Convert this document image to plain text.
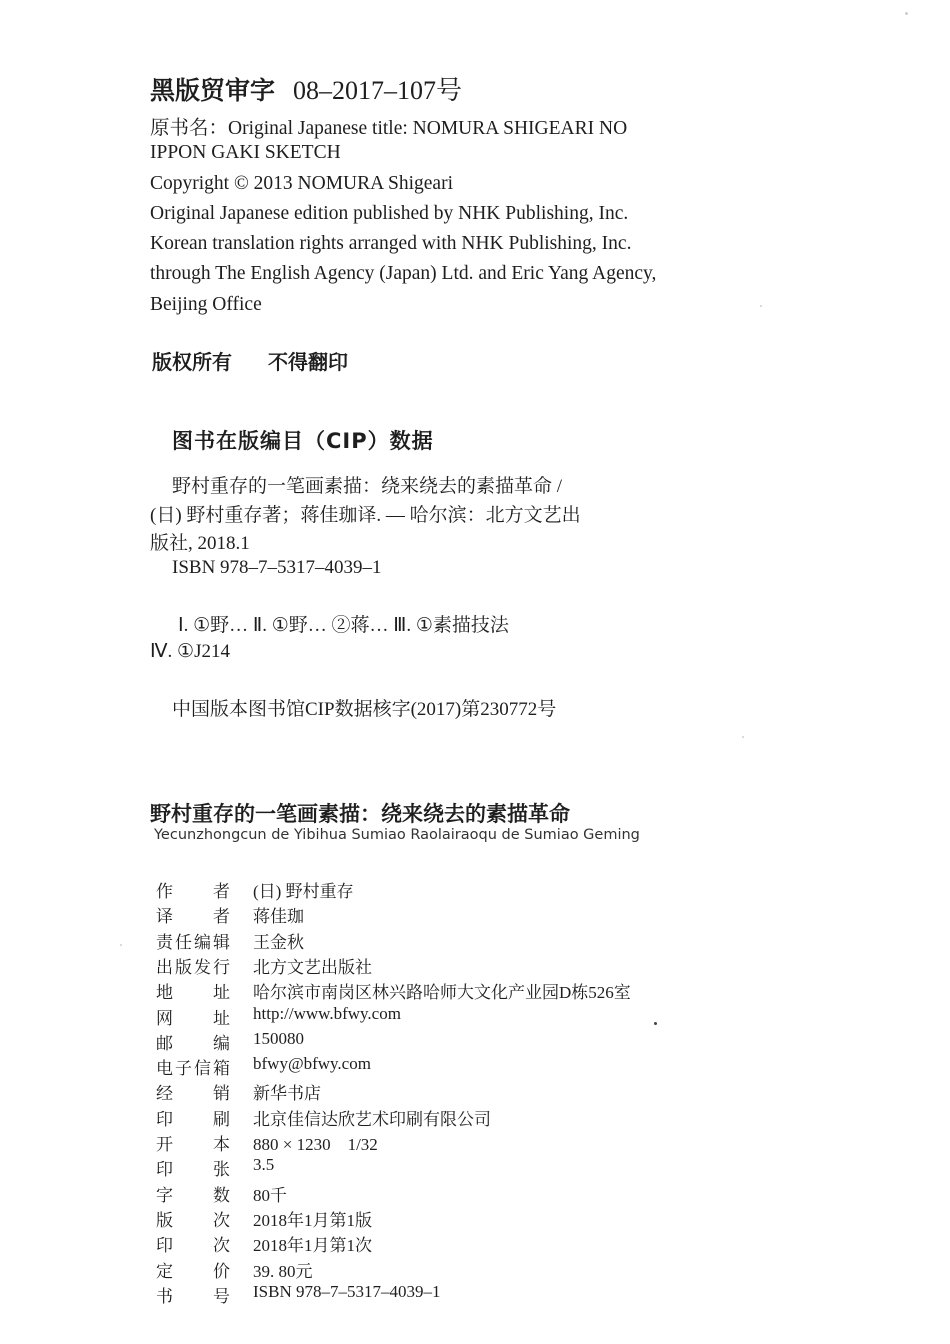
黑版贸审字 08–2017–107号
原书名：Original Japanese title: NOMURA SHIGEARI NO
IPPON GAKI SKETCH
Copyright © 2013 NOMURA Shigeari
Original Japanese edition published by NHK Publishing, Inc.
Korean translation rights arranged with NHK Publishing, Inc.
through The English Agency (Japan) Ltd. and Eric Yang Agency,
Beijing Office
版权所有 不得翻印
图书在版编目（CIP）数据
野村重存的一笔画素描：绕来绕去的素描革命 /
(日) 野村重存著；蒋佳珈译. — 哈尔滨：北方文艺出
版社, 2018.1
ISBN 978–7–5317–4039–1
Ⅰ. ①野… Ⅱ. ①野… ②蒋… Ⅲ. ①素描技法
Ⅳ. ①J214
中国版本图书馆CIP数据核字(2017)第230772号
野村重存的一笔画素描：绕来绕去的素描革命
Yecunzhongcun de Yibihua Sumiao Raolairaoqu de Sumiao Geming
作 者 (日) 野村重存
译 者 蒋佳珈
责 任 编 辑 王金秋
出 版 发 行 北方文艺出版社
地 址 哈尔滨市南岗区林兴路哈师大文化产业园D栋526室
网 址 http://www.bfwy.com
邮 编 150080
电 子 信 箱 bfwy@bfwy.com
经 销 新华书店
印 刷 北京佳信达欣艺术印刷有限公司
开 本 880 × 1230　1/32
印 张 3.5
字 数 80千
版 次 2018年1月第1版
印 次 2018年1月第1次
定 价 39. 80元
书 号 ISBN 978–7–5317–4039–1
